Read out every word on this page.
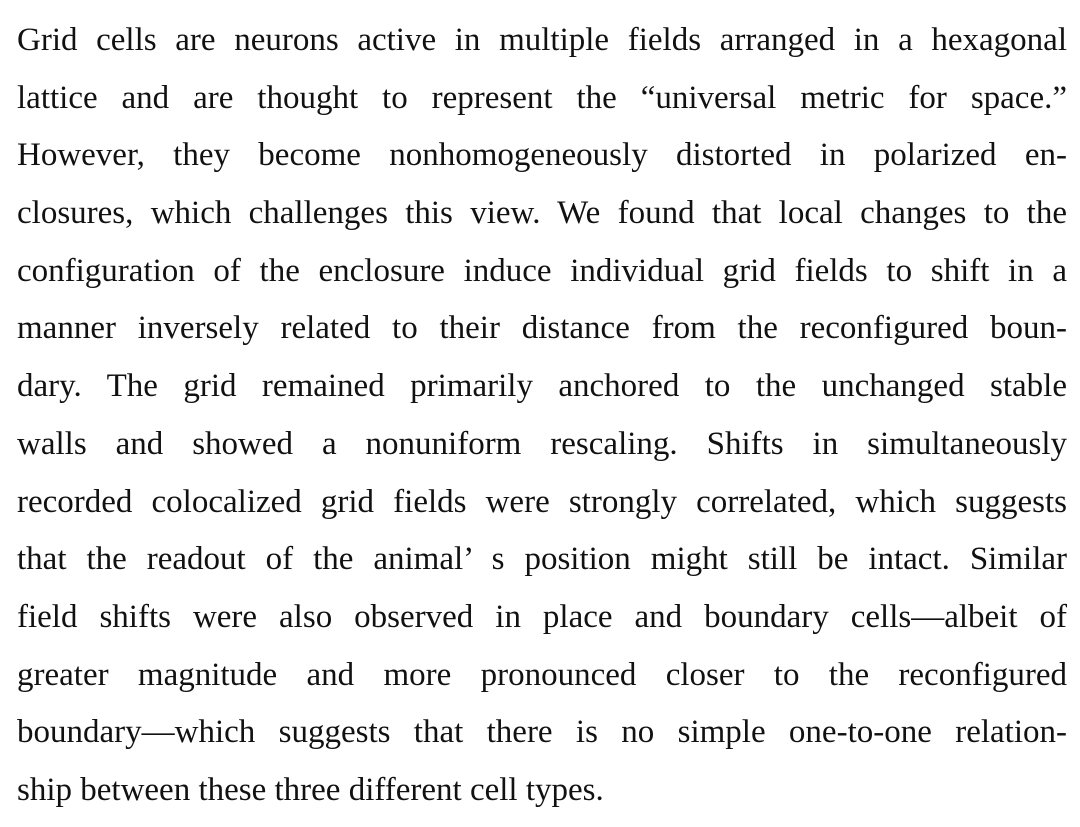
Grid cells are neurons active in multiple fields arranged in a hexagonal
lattice and are thought to represent the “universal metric for space.”
However, they become nonhomogeneously distorted in polarized en-
closures, which challenges this view. We found that local changes to the
configuration of the enclosure induce individual grid fields to shift in a
manner inversely related to their distance from the reconfigured boun-
dary. The grid remained primarily anchored to the unchanged stable
walls and showed a nonuniform rescaling. Shifts in simultaneously
recorded colocalized grid fields were strongly correlated, which suggests
that the readout of the animal’ s position might still be intact. Similar
field shifts were also observed in place and boundary cells—albeit of
greater magnitude and more pronounced closer to the reconfigured
boundary—which suggests that there is no simple one-to-one relation-
ship between these three different cell types.
